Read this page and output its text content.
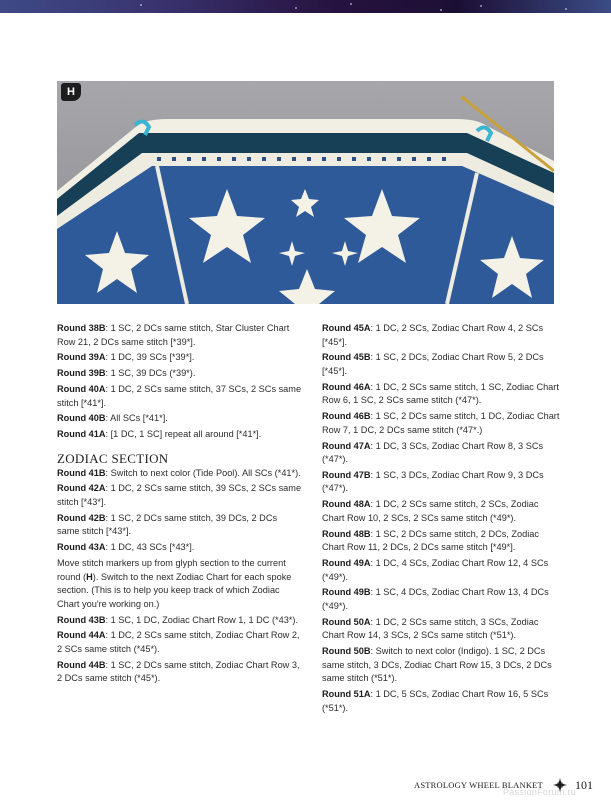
H
Round 38B: 1 SC, 2 DCs same stitch, Star Cluster Chart Row 21, 2 DCs same stitch [*39*].
Round 39A: 1 DC, 39 SCs [*39*].
Round 39B: 1 SC, 39 DCs (*39*).
Round 40A: 1 DC, 2 SCs same stitch, 37 SCs, 2 SCs same stitch [*41*].
Round 40B: All SCs [*41*].
Round 41A: [1 DC, 1 SC] repeat all around [*41*].
ZODIAC SECTION
Round 41B: Switch to next color (Tide Pool). All SCs (*41*).
Round 42A: 1 DC, 2 SCs same stitch, 39 SCs, 2 SCs same stitch [*43*].
Round 42B: 1 SC, 2 DCs same stitch, 39 DCs, 2 DCs same stitch [*43*].
Round 43A: 1 DC, 43 SCs [*43*].
Move stitch markers up from glyph section to the current round (H). Switch to the next Zodiac Chart for each spoke section. (This is to help you keep track of which Zodiac Chart you're working on.)
Round 43B: 1 SC, 1 DC, Zodiac Chart Row 1, 1 DC (*43*).
Round 44A: 1 DC, 2 SCs same stitch, Zodiac Chart Row 2, 2 SCs same stitch (*45*).
Round 44B: 1 SC, 2 DCs same stitch, Zodiac Chart Row 3, 2 DCs same stitch (*45*).
Round 45A: 1 DC, 2 SCs, Zodiac Chart Row 4, 2 SCs [*45*].
Round 45B: 1 SC, 2 DCs, Zodiac Chart Row 5, 2 DCs [*45*].
Round 46A: 1 DC, 2 SCs same stitch, 1 SC, Zodiac Chart Row 6, 1 SC, 2 SCs same stitch (*47*).
Round 46B: 1 SC, 2 DCs same stitch, 1 DC, Zodiac Chart Row 7, 1 DC, 2 DCs same stitch (*47*.)
Round 47A: 1 DC, 3 SCs, Zodiac Chart Row 8, 3 SCs (*47*).
Round 47B: 1 SC, 3 DCs, Zodiac Chart Row 9, 3 DCs (*47*).
Round 48A: 1 DC, 2 SCs same stitch, 2 SCs, Zodiac Chart Row 10, 2 SCs, 2 SCs same stitch (*49*).
Round 48B: 1 SC, 2 DCs same stitch, 2 DCs, Zodiac Chart Row 11, 2 DCs, 2 DCs same stitch [*49*].
Round 49A: 1 DC, 4 SCs, Zodiac Chart Row 12, 4 SCs (*49*).
Round 49B: 1 SC, 4 DCs, Zodiac Chart Row 13, 4 DCs (*49*).
Round 50A: 1 DC, 2 SCs same stitch, 3 SCs, Zodiac Chart Row 14, 3 SCs, 2 SCs same stitch (*51*).
Round 50B: Switch to next color (Indigo). 1 SC, 2 DCs same stitch, 3 DCs, Zodiac Chart Row 15, 3 DCs, 2 DCs same stitch (*51*).
Round 51A: 1 DC, 5 SCs, Zodiac Chart Row 16, 5 SCs (*51*).
ASTROLOGY WHEEL BLANKET	101
PassionForum.ru
